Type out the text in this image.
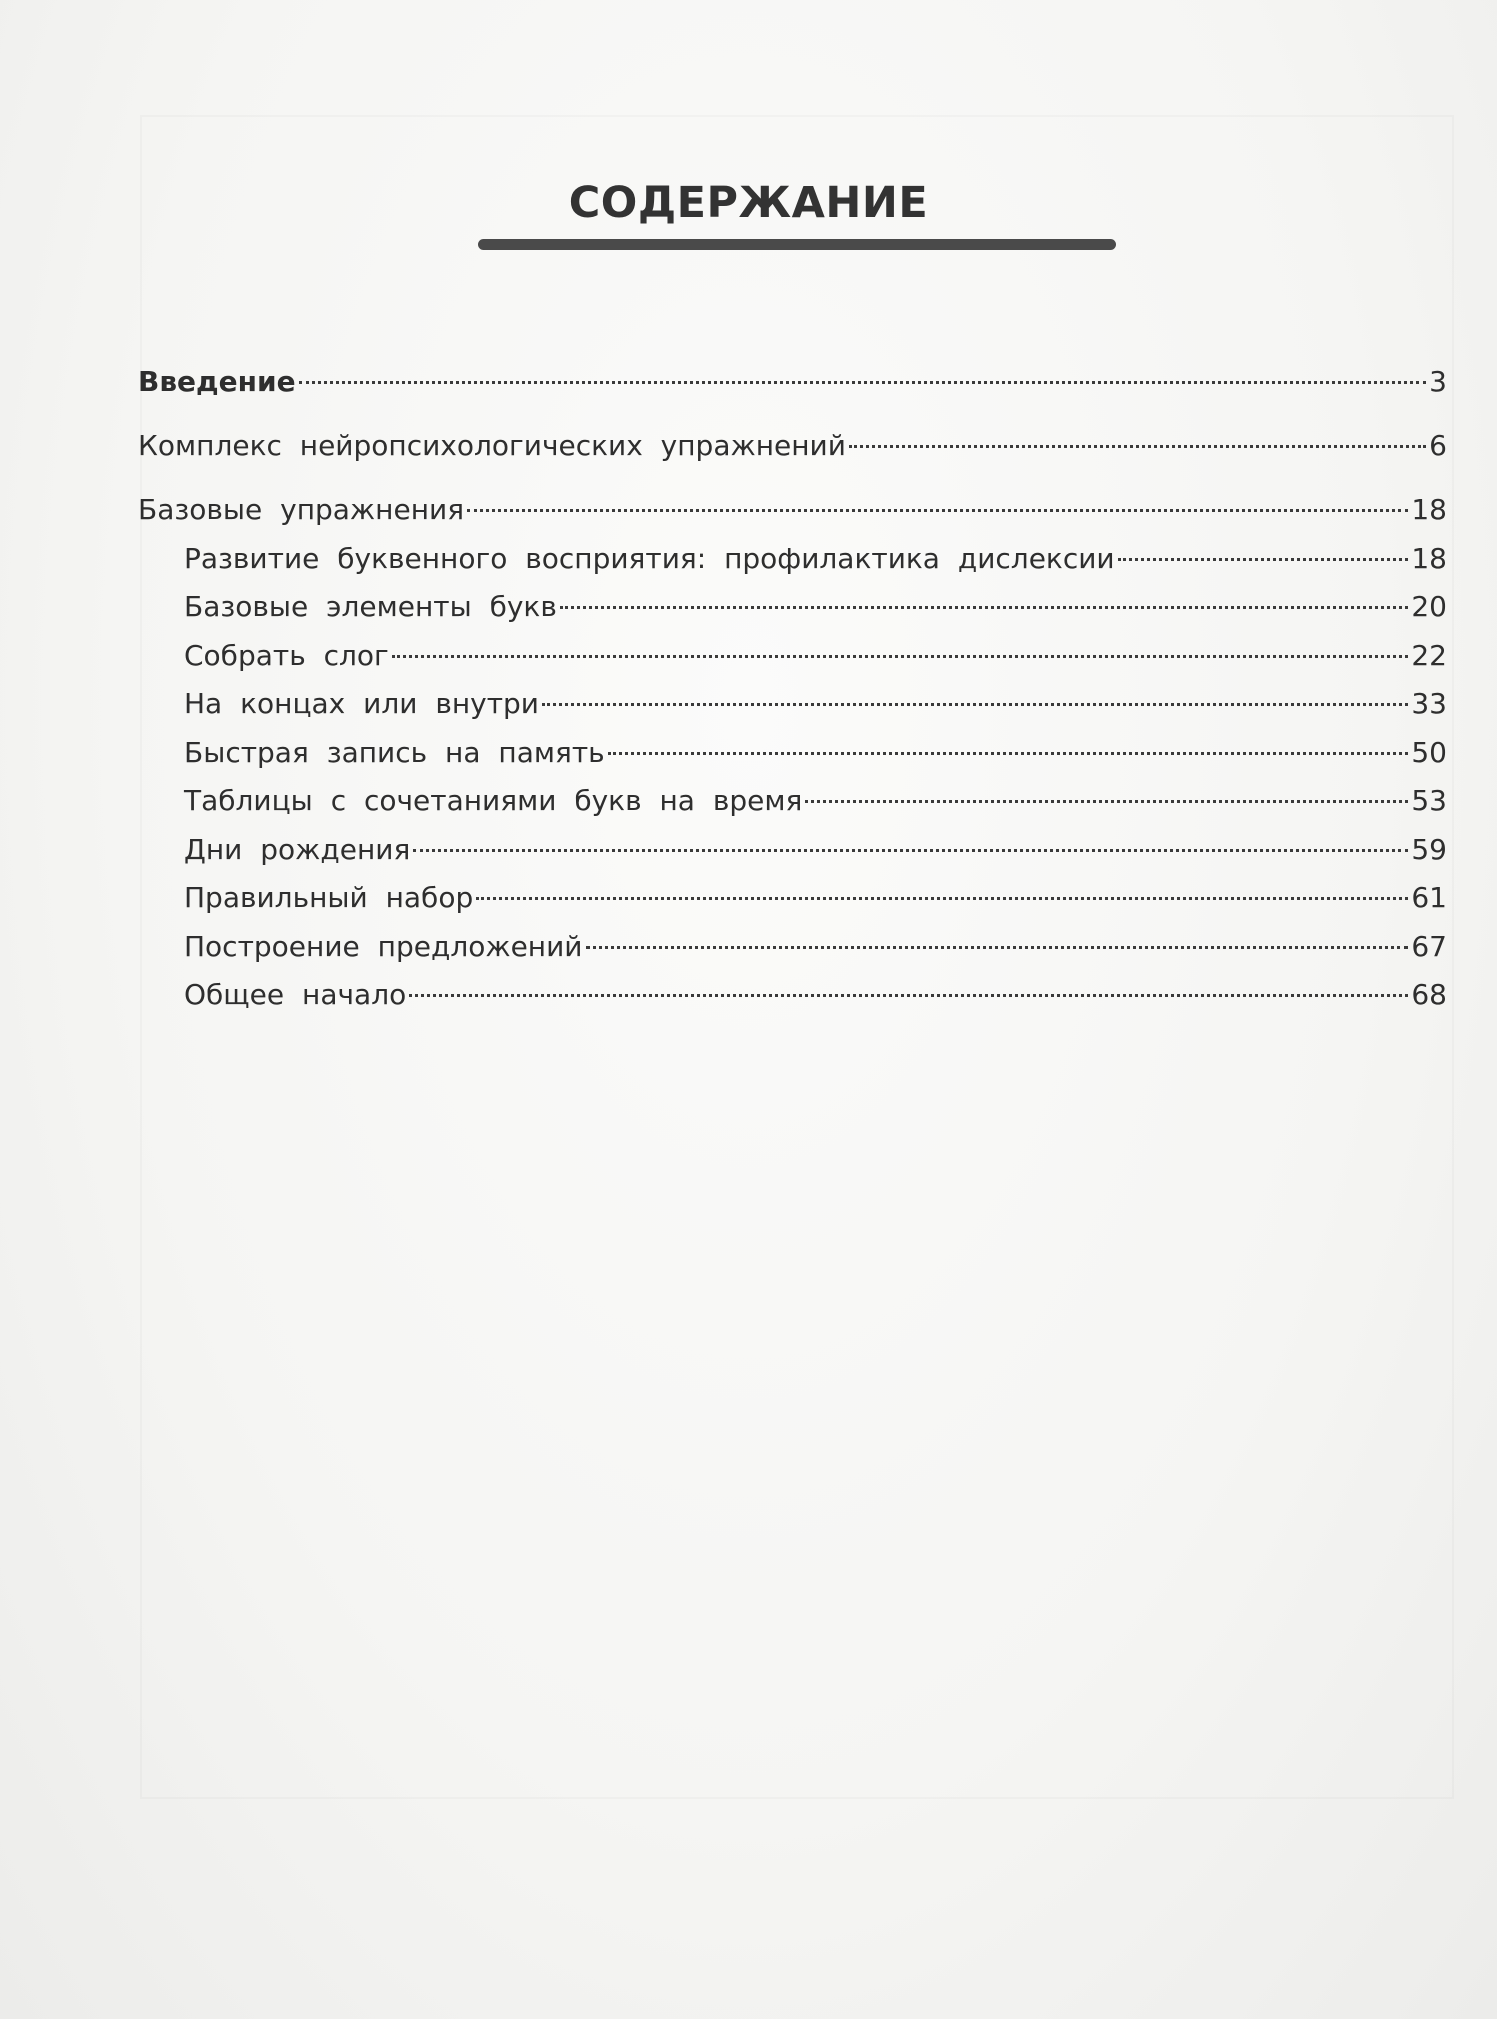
СОДЕРЖАНИЕ
Введение	3
Комплекс нейропсихологических упражнений	6
Базовые упражнения	18
Развитие буквенного восприятия: профилактика дислексии	18
Базовые элементы букв	20
Собрать слог	22
На концах или внутри	33
Быстрая запись на память	50
Таблицы с сочетаниями букв на время	53
Дни рождения	59
Правильный набор	61
Построение предложений	67
Общее начало	68
